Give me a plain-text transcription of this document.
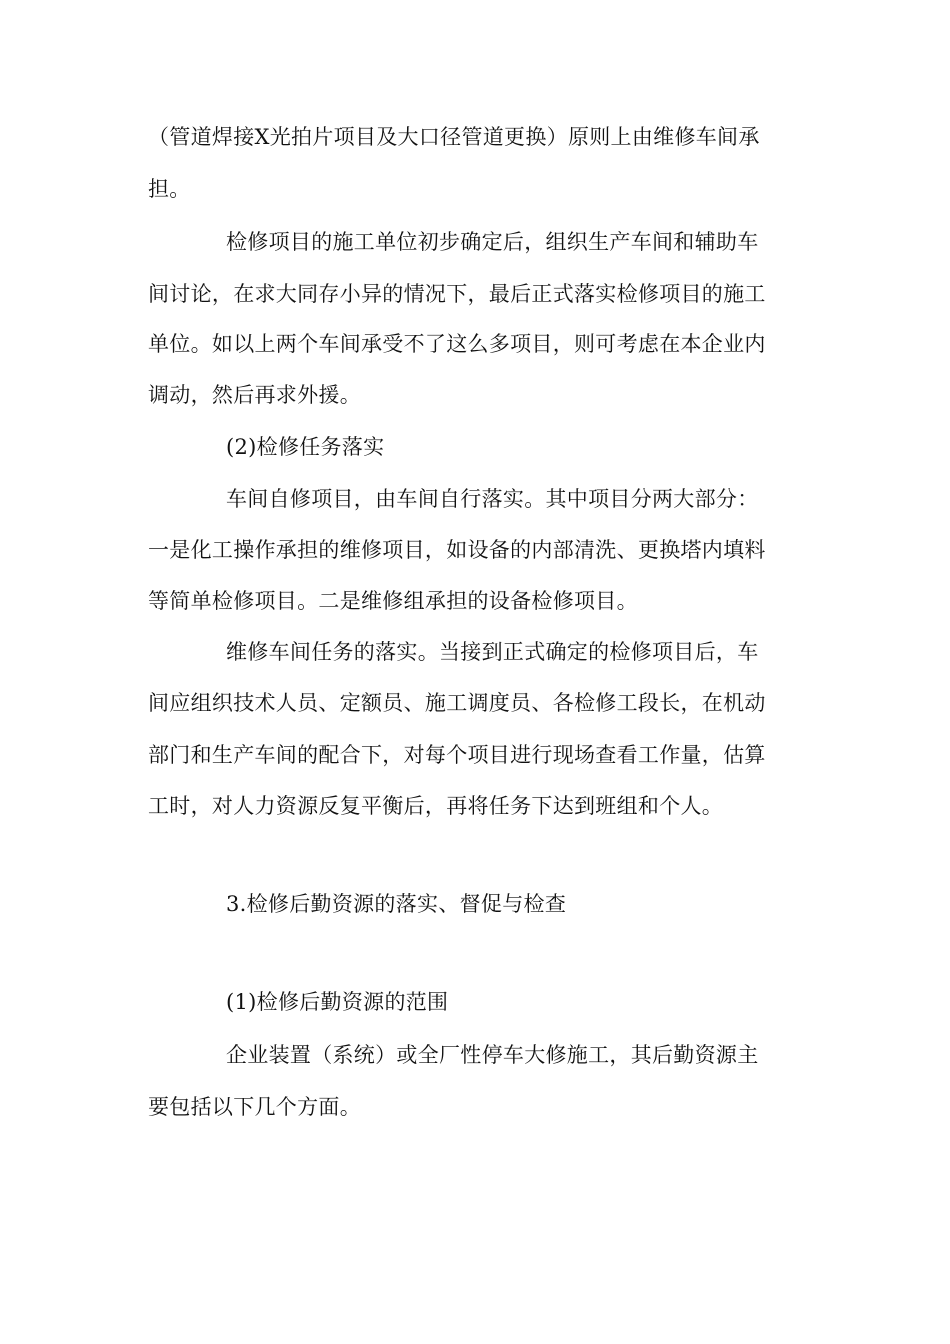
（管道焊接X光拍片项目及大口径管道更换）原则上由维修车间承
担。
检修项目的施工单位初步确定后，组织生产车间和辅助车
间讨论，在求大同存小异的情况下，最后正式落实检修项目的施工
单位。如以上两个车间承受不了这么多项目，则可考虑在本企业内
调动，然后再求外援。
(2)检修任务落实
车间自修项目，由车间自行落实。其中项目分两大部分：
一是化工操作承担的维修项目，如设备的内部清洗、更换塔内填料
等简单检修项目。二是维修组承担的设备检修项目。
维修车间任务的落实。当接到正式确定的检修项目后，车
间应组织技术人员、定额员、施工调度员、各检修工段长，在机动
部门和生产车间的配合下，对每个项目进行现场查看工作量，估算
工时，对人力资源反复平衡后，再将任务下达到班组和个人。
3.检修后勤资源的落实、督促与检查
(1)检修后勤资源的范围
企业装置（系统）或全厂性停车大修施工，其后勤资源主
要包括以下几个方面。
